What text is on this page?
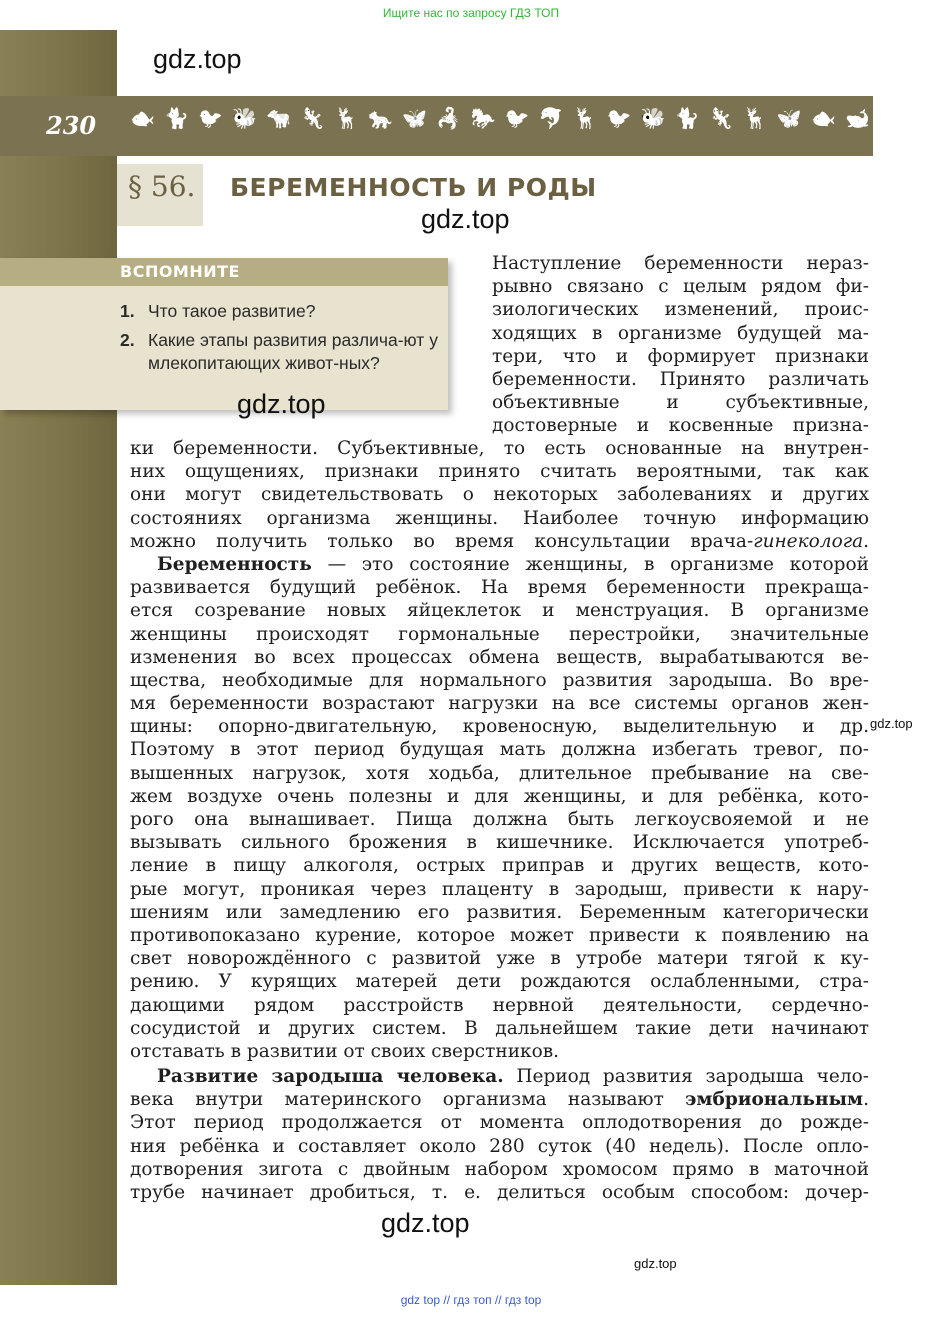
Ищите нас по запросу ГДЗ ТОП
230 🐟 🐈 🐦 🐝 🐄 🦎 🦌 🐆 🦋 🦂 🐎 🐦 🐬 🦌 🐦 🐝 🐈 🦎 🦌 🦋 🐟 🐋
gdz.top
gdz.top
§ 56. БЕРЕМЕННОСТЬ И РОДЫ
ВСПОМНИТЕ
1. Что такое развитие?
2. Какие этапы развития различа-ют у млекопитающих живот-ных?
gdz.top
Наступление беременности нераз-
рывно связано с целым рядом фи-
зиологических изменений, проис-
ходящих в организме будущей ма-
тери, что и формирует признаки
беременности. Принято различать
объективные и субъективные,
достоверные и косвенные призна-
ки беременности. Субъективные, то есть основанные на внутрен-
них ощущениях, признаки принято считать вероятными, так как
они могут свидетельствовать о некоторых заболеваниях и других
состояниях организма женщины. Наиболее точную информацию
можно получить только во время консультации врача-гинеколога.
Беременность — это состояние женщины, в организме которой
развивается будущий ребёнок. На время беременности прекраща-
ется созревание новых яйцеклеток и менструация. В организме
женщины происходят гормональные перестройки, значительные
изменения во всех процессах обмена веществ, вырабатываются ве-
щества, необходимые для нормального развития зародыша. Во вре-
мя беременности возрастают нагрузки на все системы органов жен-
щины: опорно-двигательную, кровеносную, выделительную и др.
Поэтому в этот период будущая мать должна избегать тревог, по-
вышенных нагрузок, хотя ходьба, длительное пребывание на све-
жем воздухе очень полезны и для женщины, и для ребёнка, кото-
рого она вынашивает. Пища должна быть легкоусвояемой и не
вызывать сильного брожения в кишечнике. Исключается употреб-
ление в пищу алкоголя, острых приправ и других веществ, кото-
рые могут, проникая через плаценту в зародыш, привести к нару-
шениям или замедлению его развития. Беременным категорически
противопоказано курение, которое может привести к появлению на
свет новорождённого с развитой уже в утробе матери тягой к ку-
рению. У курящих матерей дети рождаются ослабленными, стра-
дающими рядом расстройств нервной деятельности, сердечно-
сосудистой и других систем. В дальнейшем такие дети начинают
отставать в развитии от своих сверстников.
Развитие зародыша человека. Период развития зародыша чело-
века внутри материнского организма называют эмбриональным.
Этот период продолжается от момента оплодотворения до рожде-
ния ребёнка и составляет около 280 суток (40 недель). После опло-
дотворения зигота с двойным набором хромосом прямо в маточной
трубе начинает дробиться, т. е. делиться особым способом: дочер-
gdz.top
gdz.top
gdz.top
gdz top // гдз топ // гдз top
